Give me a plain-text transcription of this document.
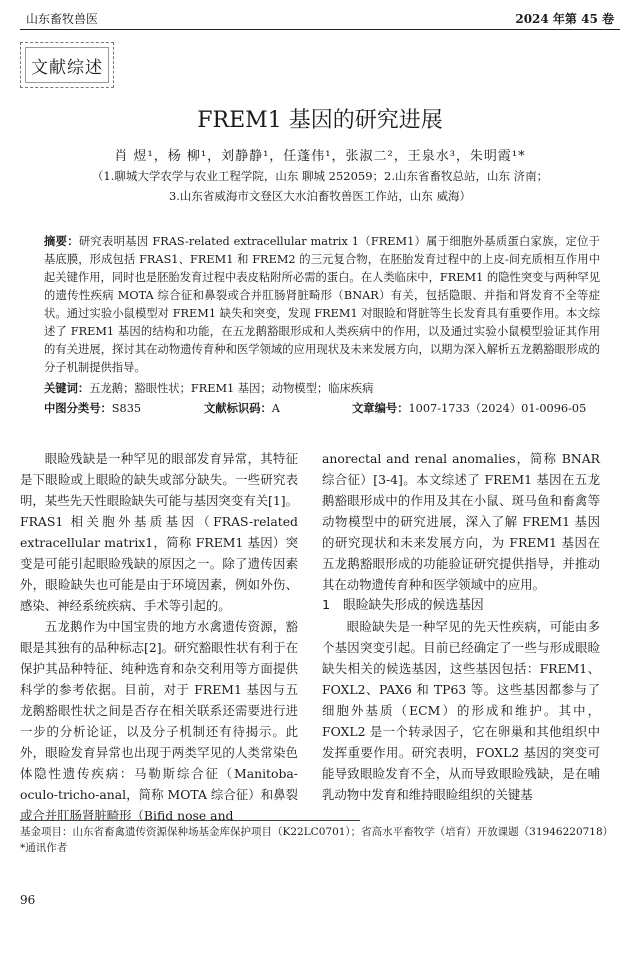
山东畜牧兽医	2024 年第 45 卷
文献综述
FREM1 基因的研究进展
肖 煜¹，杨 柳¹，刘静静¹，任蓬伟¹，张淑二²，王泉水³，朱明霞¹*
（1.聊城大学农学与农业工程学院，山东 聊城 252059；2.山东省畜牧总站，山东 济南；
3.山东省威海市文登区大水泊畜牧兽医工作站，山东 威海）
摘要：研究表明基因 FRAS-related extracellular matrix 1（FREM1）属于细胞外基质蛋白家族，定位于基底膜，形成包括 FRAS1、FREM1 和 FREM2 的三元复合物，在胚胎发育过程中的上皮-间充质相互作用中起关键作用，同时也是胚胎发育过程中表皮粘附所必需的蛋白。在人类临床中，FREM1 的隐性突变与两种罕见的遗传性疾病 MOTA 综合征和鼻裂或合并肛肠肾脏畸形（BNAR）有关，包括隐眼、并指和肾发育不全等症状。通过实验小鼠模型对 FREM1 缺失和突变，发现 FREM1 对眼睑和肾脏等生长发育具有重要作用。本文综述了 FREM1 基因的结构和功能，在五龙鹅豁眼形成和人类疾病中的作用，以及通过实验小鼠模型验证其作用的有关进展，探讨其在动物遗传育种和医学领域的应用现状及未来发展方向，以期为深入解析五龙鹅豁眼形成的分子机制提供指导。
关键词：五龙鹅；豁眼性状；FREM1 基因；动物模型；临床疾病
中图分类号：S835	文献标识码：A	文章编号：1007-1733（2024）01-0096-05

眼睑残缺是一种罕见的眼部发育异常，其特征是下眼睑或上眼睑的缺失或部分缺失。一些研究表明，某些先天性眼睑缺失可能与基因突变有关[1]。FRAS1 相关胞外基质基因（FRAS-related extracellular matrix1，简称 FREM1 基因）突变是可能引起眼睑残缺的原因之一。除了遗传因素外，眼睑缺失也可能是由于环境因素，例如外伤、感染、神经系统疾病、手术等引起的。

五龙鹅作为中国宝贵的地方水禽遗传资源，豁眼是其独有的品种标志[2]。研究豁眼性状有利于在保护其品种特征、纯种选育和杂交利用等方面提供科学的参考依据。目前，对于 FREM1 基因与五龙鹅豁眼性状之间是否存在相关联系还需要进行进一步的分析论证，以及分子机制还有待揭示。此外，眼睑发育异常也出现于两类罕见的人类常染色体隐性遗传疾病：马勒斯综合征（Manitoba-oculo-tricho-anal，简称 MOTA 综合征）和鼻裂或合并肛肠肾脏畸形（Bifid nose and

anorectal and renal anomalies，简称 BNAR 综合征）[3-4]。本文综述了 FREM1 基因在五龙鹅豁眼形成中的作用及其在小鼠、斑马鱼和畜禽等动物模型中的研究进展，深入了解 FREM1 基因的研究现状和未来发展方向，为 FREM1 基因在五龙鹅豁眼形成的功能验证研究提供指导，并推动其在动物遗传育种和医学领域中的应用。

1　眼睑缺失形成的候选基因

眼睑缺失是一种罕见的先天性疾病，可能由多个基因突变引起。目前已经确定了一些与形成眼睑缺失相关的候选基因，这些基因包括：FREM1、FOXL2、PAX6 和 TP63 等。这些基因都参与了细胞外基质（ECM）的形成和维护。其中，FOXL2 是一个转录因子，它在卵巢和其他组织中发挥重要作用。研究表明，FOXL2 基因的突变可能导致眼睑发育不全，从而导致眼睑残缺，是在哺乳动物中发育和维持眼睑组织的关键基

基金项目：山东省畜禽遗传资源保种场基金库保护项目（K22LC0701）；省高水平畜牧学（培育）开放课题（31946220718）
*通讯作者
96
